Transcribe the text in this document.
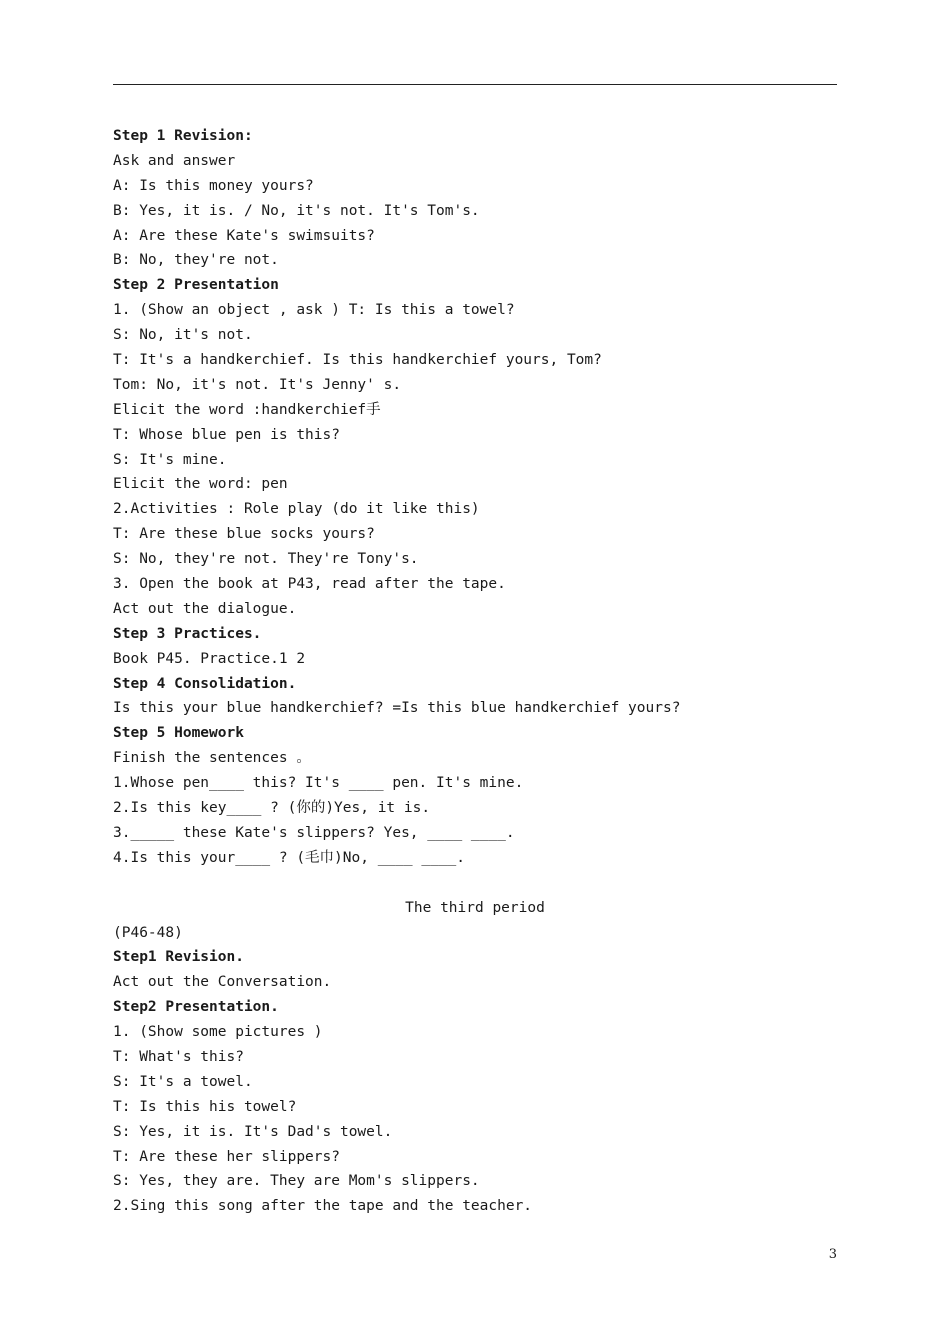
Step 1 Revision:
Ask and answer
A: Is this money yours?
B: Yes, it is. / No, it's not. It's Tom's.
A: Are these Kate's swimsuits?
B: No, they're not.
Step 2 Presentation
1. (Show an object , ask ) T: Is this a towel?
S: No, it's not.
T: It's a handkerchief. Is this handkerchief yours, Tom?
Tom: No, it's not. It's Jenny' s.
Elicit the word :handkerchief手
T: Whose blue pen is this?
S: It's mine.
Elicit the word: pen
2.Activities : Role play (do it like this)
T: Are these blue socks yours?
S: No, they're not. They're Tony's.
3. Open the book at P43, read after the tape.
Act out the dialogue.
Step 3 Practices.
Book P45. Practice.1 2
Step 4 Consolidation.
Is this your blue handkerchief? =Is this blue handkerchief yours?
Step 5 Homework
Finish the sentences 。
1.Whose pen____ this? It's ____ pen. It's mine.
2.Is this key____ ? (你的)Yes, it is.
3._____ these Kate's slippers? Yes, ____ ____.
4.Is this your____ ? (毛巾)No, ____ ____.
The third period
(P46-48)
Step1 Revision.
Act out the Conversation.
Step2 Presentation.
1. (Show some pictures )
T: What's this?
S: It's a towel.
T: Is this his towel?
S: Yes, it is. It's Dad's towel.
T: Are these her slippers?
S: Yes, they are. They are Mom's slippers.
2.Sing this song after the tape and the teacher.
3
